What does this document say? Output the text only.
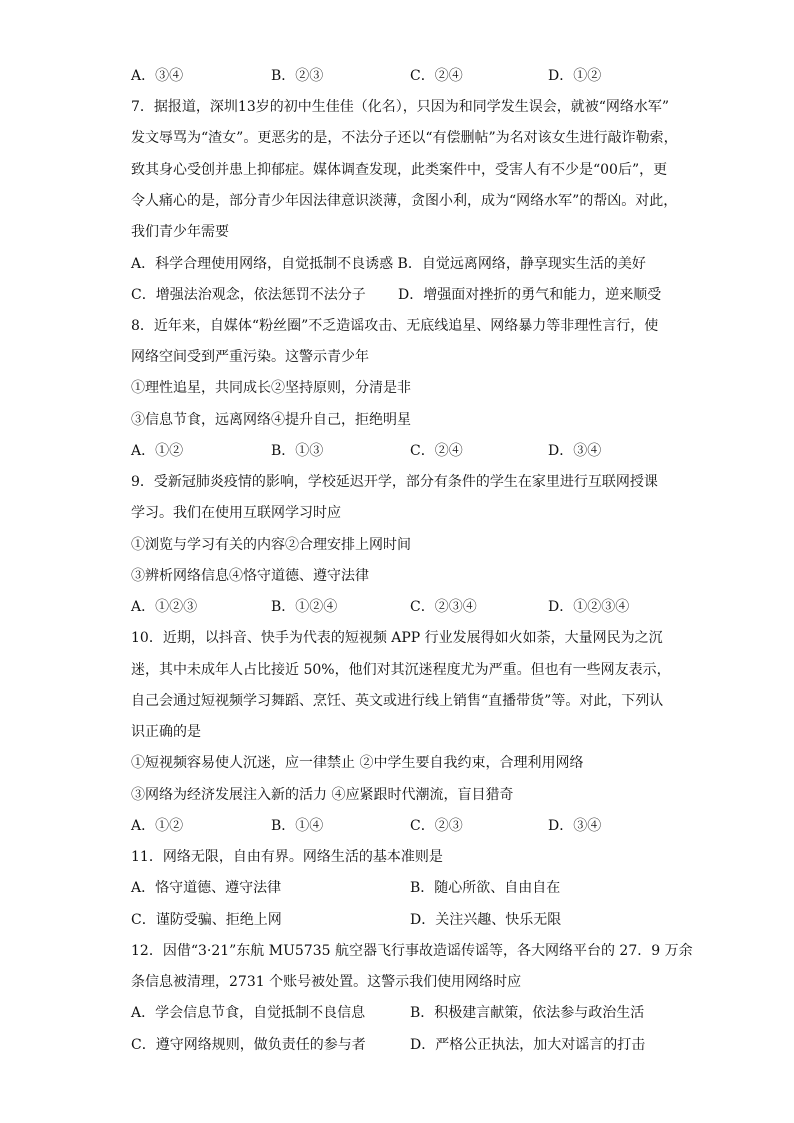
A．③④	B．②③	C．②④	D．①②
7．据报道，深圳13岁的初中生佳佳（化名），只因为和同学发生误会，就被“网络水军”
发文辱骂为“渣女”。更恶劣的是，不法分子还以“有偿删帖”为名对该女生进行敲诈勒索，
致其身心受创并患上抑郁症。媒体调查发现，此类案件中，受害人有不少是“00后”，更
令人痛心的是，部分青少年因法律意识淡薄，贪图小利，成为“网络水军”的帮凶。对此，
我们青少年需要
A．科学合理使用网络，自觉抵制不良诱惑 B．自觉远离网络，静享现实生活的美好
C．增强法治观念，依法惩罚不法分子 D．增强面对挫折的勇气和能力，逆来顺受
8．近年来，自媒体“粉丝圈”不乏造谣攻击、无底线追星、网络暴力等非理性言行，使
网络空间受到严重污染。这警示青少年
①理性追星，共同成长②坚持原则，分清是非
③信息节食，远离网络④提升自己，拒绝明星
A．①②	B．①③	C．②④	D．③④
9．受新冠肺炎疫情的影响，学校延迟开学，部分有条件的学生在家里进行互联网授课
学习。我们在使用互联网学习时应
①浏览与学习有关的内容②合理安排上网时间
③辨析网络信息④恪守道德、遵守法律
A．①②③	B．①②④	C．②③④	D．①②③④
10．近期，以抖音、快手为代表的短视频 APP 行业发展得如火如荼，大量网民为之沉
迷，其中未成年人占比接近 50%，他们对其沉迷程度尤为严重。但也有一些网友表示，
自己会通过短视频学习舞蹈、烹饪、英文或进行线上销售“直播带货”等。对此，下列认
识正确的是
①短视频容易使人沉迷，应一律禁止 ②中学生要自我约束，合理利用网络
③网络为经济发展注入新的活力 ④应紧跟时代潮流，盲目猎奇
A．①②	B．①④	C．②③	D．③④
11．网络无限，自由有界。网络生活的基本准则是
A．恪守道德、遵守法律	B．随心所欲、自由自在
C．谨防受骗、拒绝上网	D．关注兴趣、快乐无限
12．因借“3·21”东航 MU5735 航空器飞行事故造谣传谣等，各大网络平台的 27．9 万余
条信息被清理，2731 个账号被处置。这警示我们使用网络时应
A．学会信息节食，自觉抵制不良信息	B．积极建言献策，依法参与政治生活
C．遵守网络规则，做负责任的参与者	D．严格公正执法，加大对谣言的打击
